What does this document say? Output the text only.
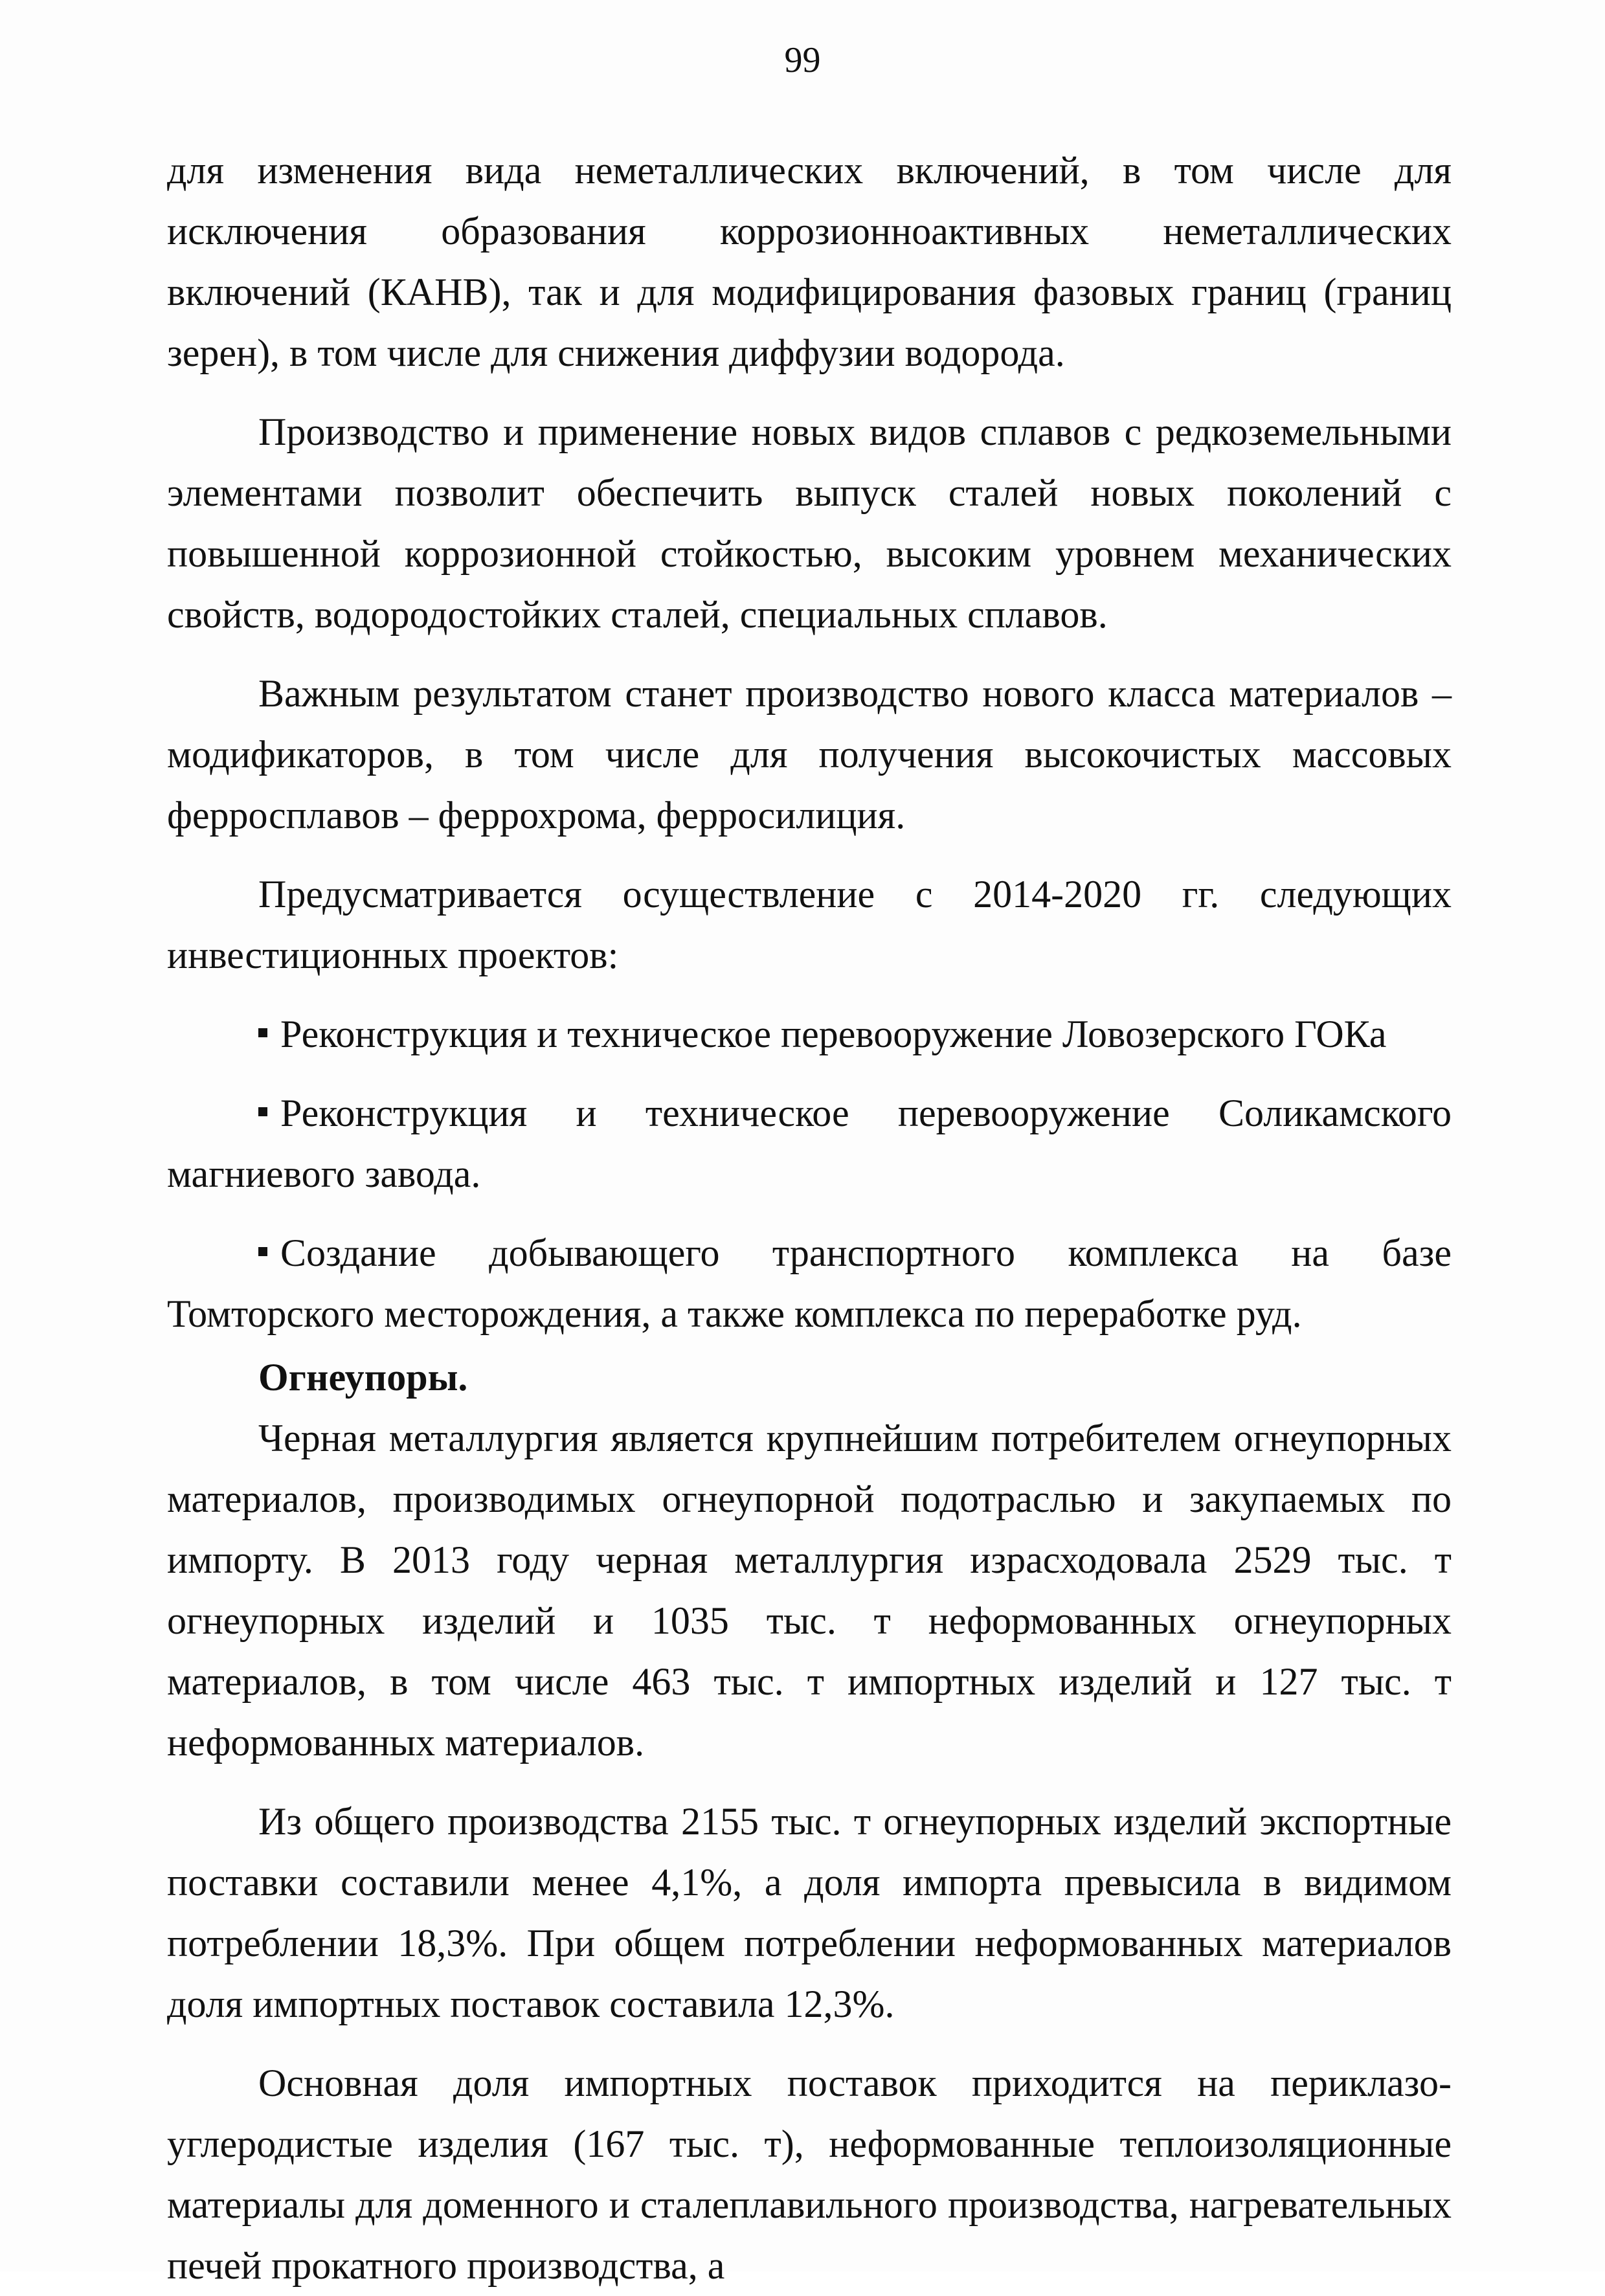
99

для изменения вида неметаллических включений, в том числе для исключения образования коррозионноактивных неметаллических включений (КАНВ), так и для модифицирования фазовых границ (границ зерен), в том числе для снижения диффузии водорода.

Производство и применение новых видов сплавов с редкоземельными элементами позволит обеспечить выпуск сталей новых поколений с повышенной коррозионной стойкостью, высоким уровнем механических свойств, водородостойких сталей, специальных сплавов.

Важным результатом станет производство нового класса материалов – модификаторов, в том числе для получения высокочистых массовых ферросплавов – феррохрома, ферросилиция.

Предусматривается осуществление с 2014-2020 гг. следующих инвестиционных проектов:

Реконструкция и техническое перевооружение Ловозерского ГОКа

Реконструкция и техническое перевооружение Соликамского магниевого завода.

Создание добывающего транспортного комплекса на базе Томторского месторождения, а также комплекса по переработке руд.

Огнеупоры.

Черная металлургия является крупнейшим потребителем огнеупорных материалов, производимых огнеупорной подотраслью и закупаемых по импорту. В 2013 году черная металлургия израсходовала 2529 тыс. т огнеупорных изделий и 1035 тыс. т неформованных огнеупорных материалов, в том числе 463 тыс. т импортных изделий и 127 тыс. т неформованных материалов.

Из общего производства 2155 тыс. т огнеупорных изделий экспортные поставки составили менее 4,1%, а доля импорта превысила в видимом потреблении 18,3%. При общем потреблении неформованных материалов доля импортных поставок составила 12,3%.

Основная доля импортных поставок приходится на периклазо-углеродистые изделия (167 тыс. т), неформованные теплоизоляционные материалы для доменного и сталеплавильного производства, нагревательных печей прокатного производства, а
